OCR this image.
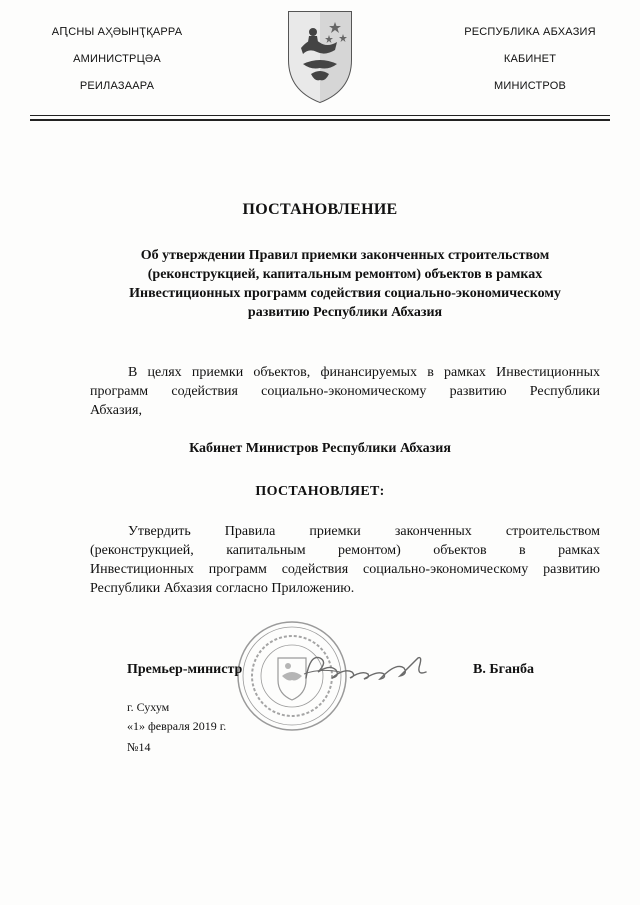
АԤСНЫ АҲӘЫНҬҚАРРА
АМИНИСТРЦӘА
РЕИЛАЗААРА
РЕСПУБЛИКА АБХАЗИЯ
КАБИНЕТ
МИНИСТРОВ
ПОСТАНОВЛЕНИЕ
Об утверждении Правил приемки законченных строительством
(реконструкцией, капитальным ремонтом) объектов в рамках
Инвестиционных программ содействия социально-экономическому
развитию Республики Абхазия
В целях приемки объектов, финансируемых в рамках Инвестиционных
программ содействия социально-экономическому развитию Республики
Абхазия,
Кабинет Министров Республики Абхазия
ПОСТАНОВЛЯЕТ:
Утвердить Правила приемки законченных строительством
(реконструкцией, капитальным ремонтом) объектов в рамках
Инвестиционных программ содействия социально-экономическому развитию
Республики Абхазия согласно Приложению.
Премьер-министр	В. Бганба
г. Сухум
«1» февраля 2019 г.
№14
